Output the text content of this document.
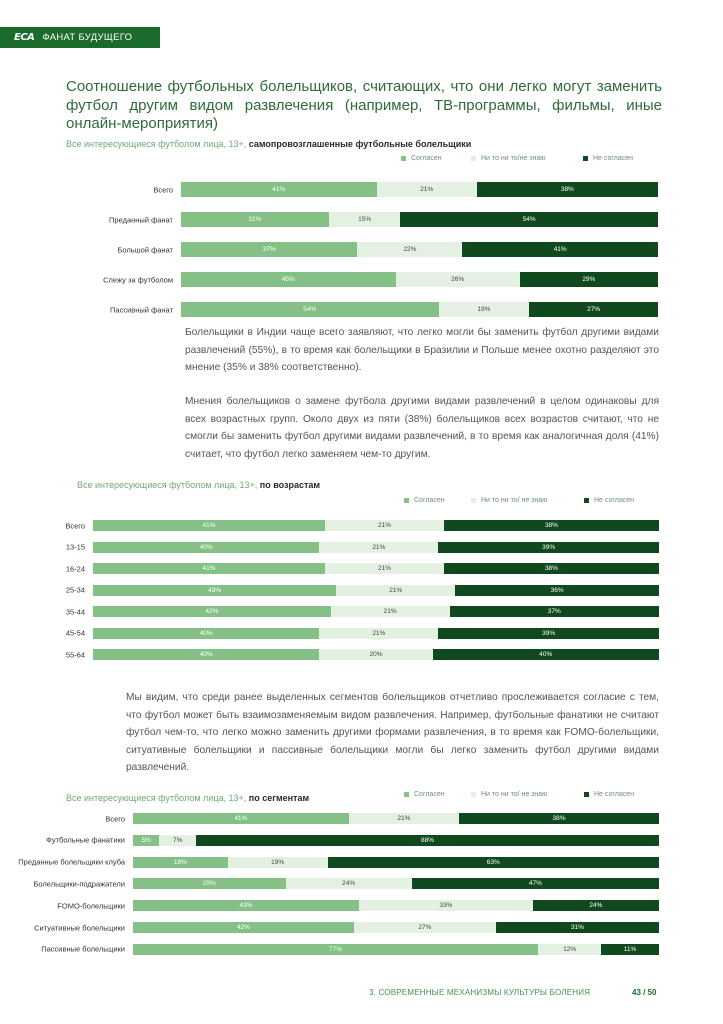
ECA ФАНАТ БУДУЩЕГО
Соотношение футбольных болельщиков, считающих, что они легко могут заменить футбол другим видом развлечения (например, ТВ-программы, фильмы, иные онлайн-мероприятия)
Все интересующиеся футболом лица, 13+, самопровозглашенные футбольные болельщики
Согласен	Ни то ни то/не знаю	Не согласен
Всего	41%	21%	38%
Преданный фанат	31%	15%	54%
Большой фанат	37%	22%	41%
Слежу за футболом	45%	26%	29%
Пассивный фанат	54%	19%	27%
Болельщики в Индии чаще всего заявляют, что легко могли бы заменить футбол другими видами развлечений (55%), в то время как болельщики в Бразилии и Польше менее охотно разделяют это мнение (35% и 38% соответственно).
Мнения болельщиков о замене футбола другими видами развлечений в целом одинаковы для всех возрастных групп. Около двух из пяти (38%) болельщиков всех возрастов считают, что не смогли бы заменить футбол другими видами развлечений, в то время как аналогичная доля (41%) считает, что футбол легко заменяем чем-то другим.
Все интересующиеся футболом лица, 13+, по возрастам
Согласен	Ни то ни то/ не знаю	Не согласен
Всего	41%	21%	38%
13-15	40%	21%	39%
16-24	41%	21%	38%
25-34	43%	21%	36%
35-44	42%	21%	37%
45-54	40%	21%	39%
55-64	40%	20%	40%
Мы видим, что среди ранее выделенных сегментов болельщиков отчетливо прослеживается согласие с тем, что футбол может быть взаимозаменяемым видом развлечения. Например, футбольные фанатики не считают футбол чем-то, что легко можно заменить другими формами развлечения, в то время как FOMO-болельщики, ситуативные болельщики и пассивные болельщики могли бы легко заменить футбол другими видами развлечений.
Все интересующиеся футболом лица, 13+, по сегментам	Согласен	Ни то ни то/ не знаю	Не согласен
Всего	41%	21%	38%
Футбольные фанатики	5%	7%	88%
Преданные болельщики клуба	18%	19%	63%
Болельщики-подражатели	29%	24%	47%
FOMO-болельщики	43%	33%	24%
Ситуативные болельщики	42%	27%	31%
Пассивные болельщики	77%	12%	11%
3. СОВРЕМЕННЫЕ МЕХАНИЗМЫ КУЛЬТУРЫ БОЛЕНИЯ	43 / 50
